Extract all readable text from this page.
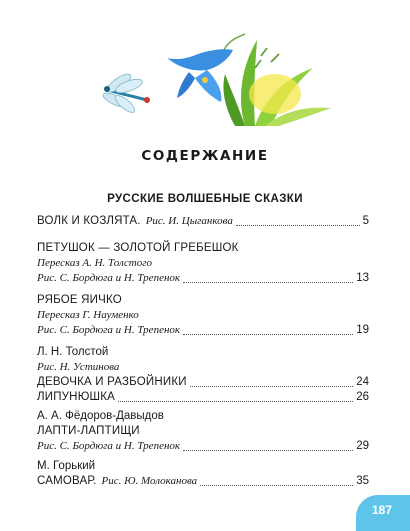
СОДЕРЖАНИЕ
РУССКИЕ ВОЛШЕБНЫЕ СКАЗКИ
ВОЛК И КОЗЛЯТА. Рис. И. Цыганкова	5
ПЕТУШОК — ЗОЛОТОЙ ГРЕБЕШОК
Пересказ А. Н. Толстого
Рис. С. Бордюга и Н. Трепенок	13
РЯБОЕ ЯИЧКО
Пересказ Г. Науменко
Рис. С. Бордюга и Н. Трепенок	19
Л. Н. Толстой
Рис. Н. Устинова
ДЕВОЧКА И РАЗБОЙНИКИ	24
ЛИПУНЮШКА	26
А. А. Фёдоров-Давыдов
ЛАПТИ-ЛАПТИЩИ
Рис. С. Бордюга и Н. Трепенок	29
М. Горький
САМОВАР. Рис. Ю. Молоканова	35
187
